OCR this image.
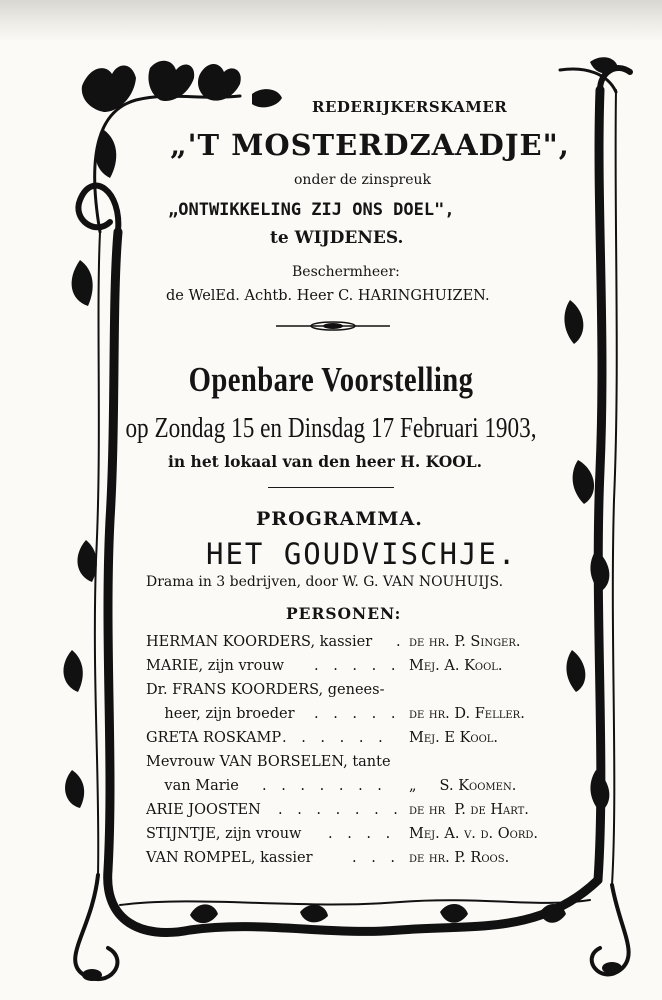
REDERIJKERSKAMER
„'T MOSTERDZAADJE",
onder de zinspreuk
„ONTWIKKELING ZIJ ONS DOEL",
te WIJDENES.
Beschermheer:
de WelEd. Achtb. Heer C. HARINGHUIZEN.
Openbare Voorstelling
op Zondag 15 en Dinsdag 17 Februari 1903,
in het lokaal van den heer H. KOOL.
PROGRAMMA.
HET GOUDVISCHJE.
Drama in 3 bedrijven, door W. G. VAN NOUHUIJS.
PERSONEN:
HERMAN KOORDERS, kassier . de hr. P. Singer.
MARIE, zijn vrouw . . . . . Mej. A. Kool.
Dr. FRANS KOORDERS, genees-
heer, zijn broeder . . . . . de hr. D. Feller.
GRETA ROSKAMP . . . . . . Mej. E Kool.
Mevrouw VAN BORSELEN, tante
van Marie . . . . . . . „     S. Koomen.
ARIE JOOSTEN . . . . . . . de hr  P. de Hart.
STIJNTJE, zijn vrouw . . . . Mej. A. v. d. Oord.
VAN ROMPEL, kassier	. . . de hr. P. Roos.
